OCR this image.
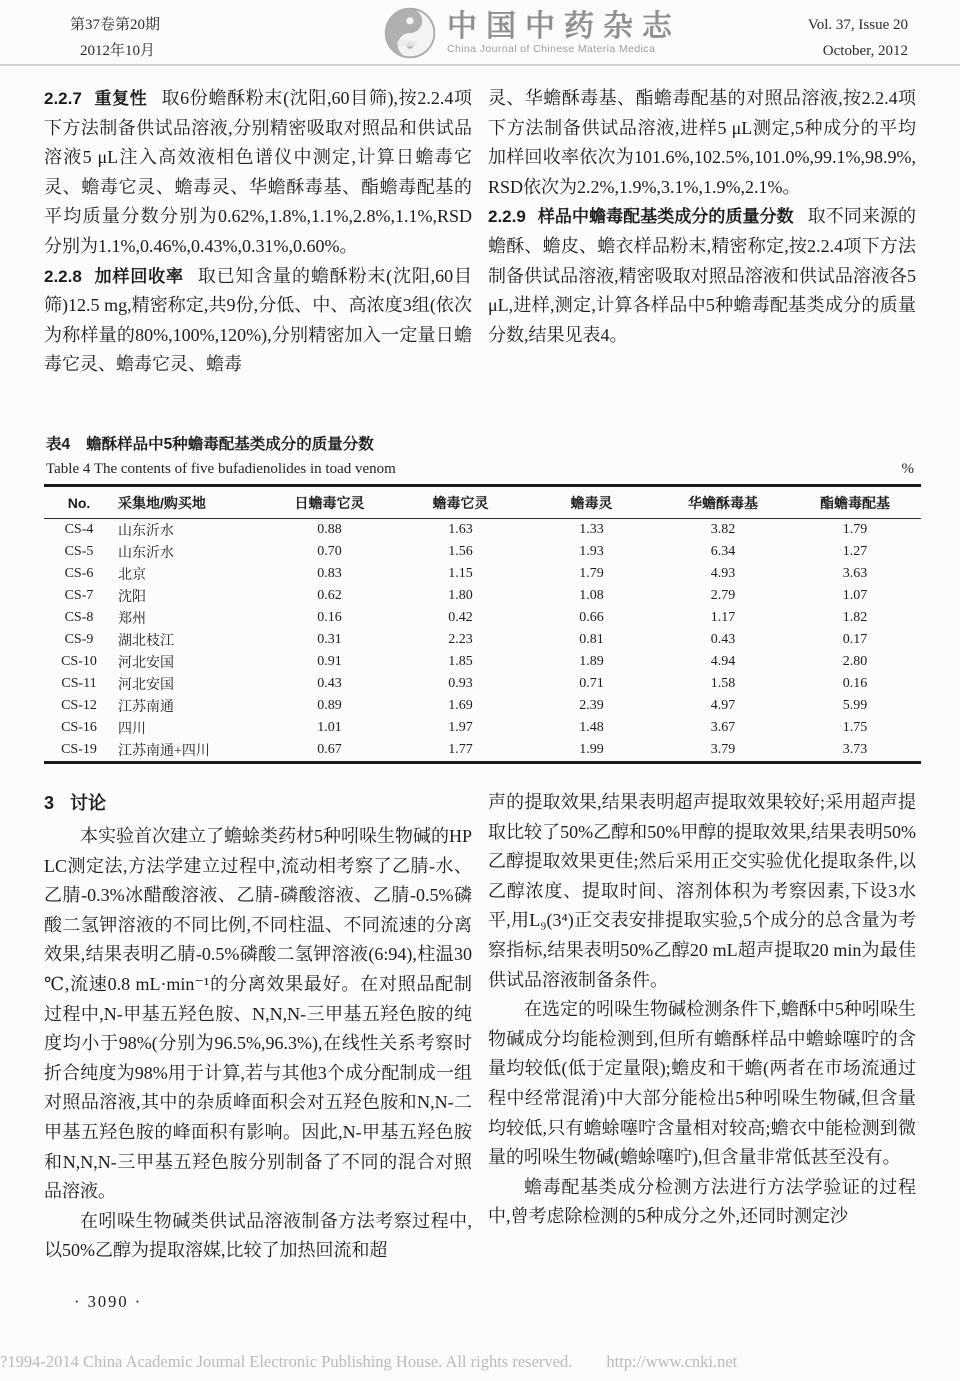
第37卷第20期
2012年10月
中国中药杂志
China Journal of Chinese Materia Medica
Vol. 37, Issue 20
October, 2012

2.2.7 重复性 取6份蟾酥粉末(沈阳,60目筛),按2.2.4项下方法制备供试品溶液,分别精密吸取对照品和供试品溶液5 μL注入高效液相色谱仪中测定,计算日蟾毒它灵、蟾毒它灵、蟾毒灵、华蟾酥毒基、酯蟾毒配基的平均质量分数分别为0.62%,1.8%,1.1%,2.8%,1.1%,RSD分别为1.1%,0.46%,0.43%,0.31%,0.60%。

2.2.8 加样回收率 取已知含量的蟾酥粉末(沈阳,60目筛)12.5 mg,精密称定,共9份,分低、中、高浓度3组(依次为称样量的80%,100%,120%),分别精密加入一定量日蟾毒它灵、蟾毒它灵、蟾毒

灵、华蟾酥毒基、酯蟾毒配基的对照品溶液,按2.2.4项下方法制备供试品溶液,进样5 μL测定,5种成分的平均加样回收率依次为101.6%,102.5%,101.0%,99.1%,98.9%,RSD依次为2.2%,1.9%,3.1%,1.9%,2.1%。

2.2.9 样品中蟾毒配基类成分的质量分数 取不同来源的蟾酥、蟾皮、蟾衣样品粉末,精密称定,按2.2.4项下方法制备供试品溶液,精密吸取对照品溶液和供试品溶液各5 μL,进样,测定,计算各样品中5种蟾毒配基类成分的质量分数,结果见表4。

表4 蟾酥样品中5种蟾毒配基类成分的质量分数

Table 4 The contents of five bufadienolides in toad venom	%
No.	采集地/购买地	日蟾毒它灵	蟾毒它灵	蟾毒灵	华蟾酥毒基	酯蟾毒配基
CS-4	山东沂水	0.88	1.63	1.33	3.82	1.79
CS-5	山东沂水	0.70	1.56	1.93	6.34	1.27
CS-6	北京	0.83	1.15	1.79	4.93	3.63
CS-7	沈阳	0.62	1.80	1.08	2.79	1.07
CS-8	郑州	0.16	0.42	0.66	1.17	1.82
CS-9	湖北枝江	0.31	2.23	0.81	0.43	0.17
CS-10	河北安国	0.91	1.85	1.89	4.94	2.80
CS-11	河北安国	0.43	0.93	0.71	1.58	0.16
CS-12	江苏南通	0.89	1.69	2.39	4.97	5.99
CS-16	四川	1.01	1.97	1.48	3.67	1.75
CS-19	江苏南通+四川	0.67	1.77	1.99	3.79	3.73
3 讨论

本实验首次建立了蟾蜍类药材5种吲哚生物碱的HPLC测定法,方法学建立过程中,流动相考察了乙腈-水、乙腈-0.3%冰醋酸溶液、乙腈-磷酸溶液、乙腈-0.5%磷酸二氢钾溶液的不同比例,不同柱温、不同流速的分离效果,结果表明乙腈-0.5%磷酸二氢钾溶液(6:94),柱温30 ℃,流速0.8 mL·min⁻¹的分离效果最好。在对照品配制过程中,N-甲基五羟色胺、N,N,N-三甲基五羟色胺的纯度均小于98%(分别为96.5%,96.3%),在线性关系考察时折合纯度为98%用于计算,若与其他3个成分配制成一组对照品溶液,其中的杂质峰面积会对五羟色胺和N,N-二甲基五羟色胺的峰面积有影响。因此,N-甲基五羟色胺和N,N,N-三甲基五羟色胺分别制备了不同的混合对照品溶液。

在吲哚生物碱类供试品溶液制备方法考察过程中,以50%乙醇为提取溶媒,比较了加热回流和超

声的提取效果,结果表明超声提取效果较好;采用超声提取比较了50%乙醇和50%甲醇的提取效果,结果表明50%乙醇提取效果更佳;然后采用正交实验优化提取条件,以乙醇浓度、提取时间、溶剂体积为考察因素,下设3水平,用L₉(3⁴)正交表安排提取实验,5个成分的总含量为考察指标,结果表明50%乙醇20 mL超声提取20 min为最佳供试品溶液制备条件。

在选定的吲哚生物碱检测条件下,蟾酥中5种吲哚生物碱成分均能检测到,但所有蟾酥样品中蟾蜍噻咛的含量均较低(低于定量限);蟾皮和干蟾(两者在市场流通过程中经常混淆)中大部分能检出5种吲哚生物碱,但含量均较低,只有蟾蜍噻咛含量相对较高;蟾衣中能检测到微量的吲哚生物碱(蟾蜍噻咛),但含量非常低甚至没有。

蟾毒配基类成分检测方法进行方法学验证的过程中,曾考虑除检测的5种成分之外,还同时测定沙

· 3090 ·
?1994-2014 China Academic Journal Electronic Publishing House. All rights reserved. http://www.cnki.net
